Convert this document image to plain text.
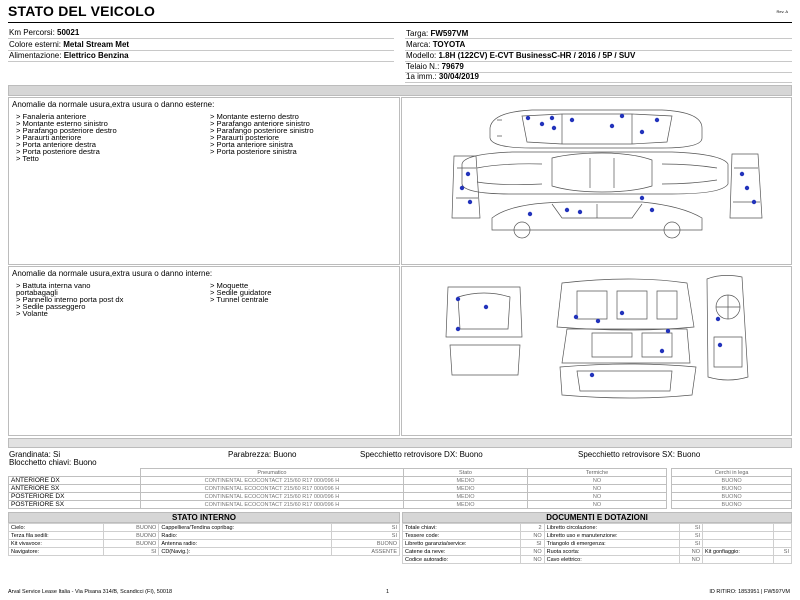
STATO DEL VEICOLO	Rev. A
Km Percorsi: 50021
Colore esterni: Metal Stream Met
Alimentazione: Elettrico Benzina
Targa: FW597VM
Marca: TOYOTA
Modello: 1.8H (122CV) E-CVT BusinessC-HR / 2016 / 5P / SUV
Telaio N.: 79679
1a imm.: 30/04/2019
Anomalie da normale usura,extra usura o danno esterne:
> Fanaleria anteriore
> Montante esterno sinistro
> Parafango posteriore destro
> Paraurti anteriore
> Porta anteriore destra
> Porta posteriore destra
> Tetto
> Montante esterno destro
> Parafango anteriore sinistro
> Parafango posteriore sinistro
> Paraurti posteriore
> Porta anteriore sinistra
> Porta posteriore sinistra
Anomalie da normale usura,extra usura o danno interne:
> Battuta interna vano
portabagagli
> Pannello interno porta post dx
> Sedile passeggero
> Volante
> Moquette
> Sedile guidatore
> Tunnel centrale
Grandinata: Si	Parabrezza: Buono	Specchietto retrovisore DX: Buono	Specchietto retrovisore SX: Buono
Blocchetto chiavi: Buono
	Pneumatico	Stato	Termiche		Cerchi in lega
ANTERIORE DX	CONTINENTAL ECOCONTACT 215/60 R17 000/096 H	MEDIO	NO		BUONO
ANTERIORE SX	CONTINENTAL ECOCONTACT 215/60 R17 000/096 H	MEDIO	NO		BUONO
POSTERIORE DX	CONTINENTAL ECOCONTACT 215/60 R17 000/096 H	MEDIO	NO		BUONO
POSTERIORE SX	CONTINENTAL ECOCONTACT 215/60 R17 000/096 H	MEDIO	NO		BUONO
STATO INTERNO
Cielo:	BUONO	Cappelliera/Tendina copribag:	SI
Terza fila sedili:	BUONO	Radio:	SI
Kit vivavoce:	BUONO	Antenna radio:	BUONO
Navigatore:	SI	CD(Navig.):	ASSENTE
DOCUMENTI E DOTAZIONI
Totale chiavi:	2	Libretto circolazione:	SI		
Tessere code:	NO	Libretto uso e manutenzione:	SI		
Libretto garanzia/service:	SI	Triangolo di emergenza:	SI		
Catene da neve:	NO	Ruota scorta:	NO	Kit gonfiaggio:	SI
Codice autoradio:	NO	Cavo elettrico:	NO		
Arval Service Lease Italia - Via Pisana 314/B, Scandicci (FI), 50018	1	ID RITIRO: 1853951 | FW597VM
